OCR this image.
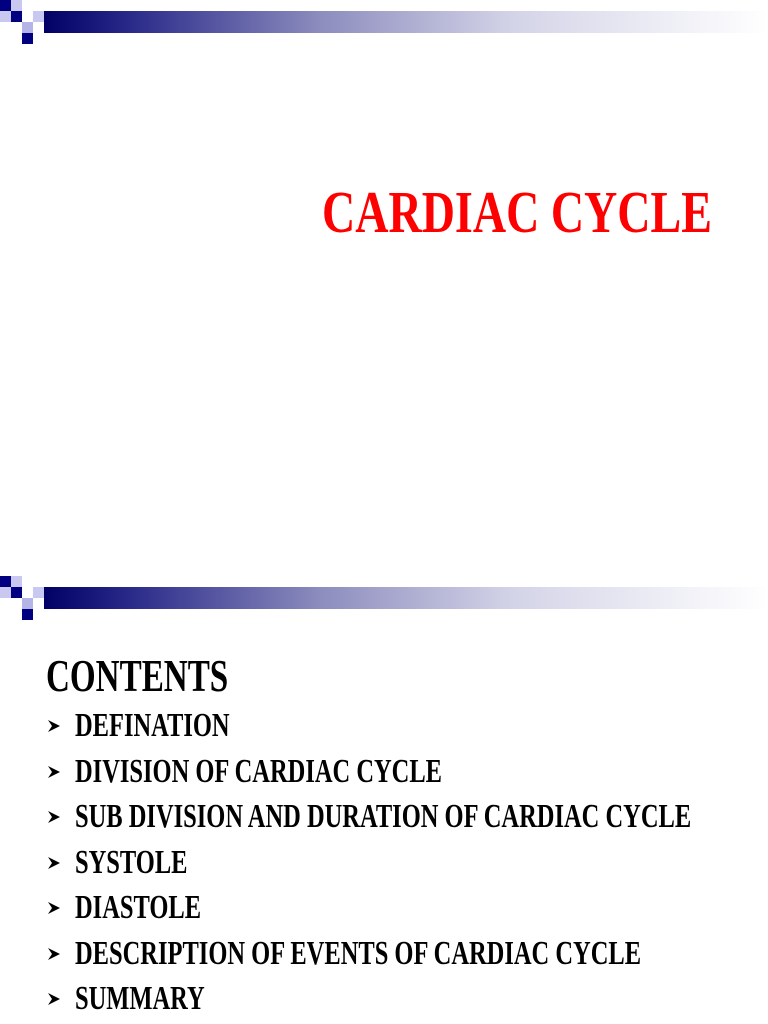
CARDIAC CYCLE
CONTENTS
DEFINATION
DIVISION OF CARDIAC CYCLE
SUB DIVISION AND DURATION OF CARDIAC CYCLE
SYSTOLE
DIASTOLE
DESCRIPTION OF EVENTS OF CARDIAC CYCLE
SUMMARY
